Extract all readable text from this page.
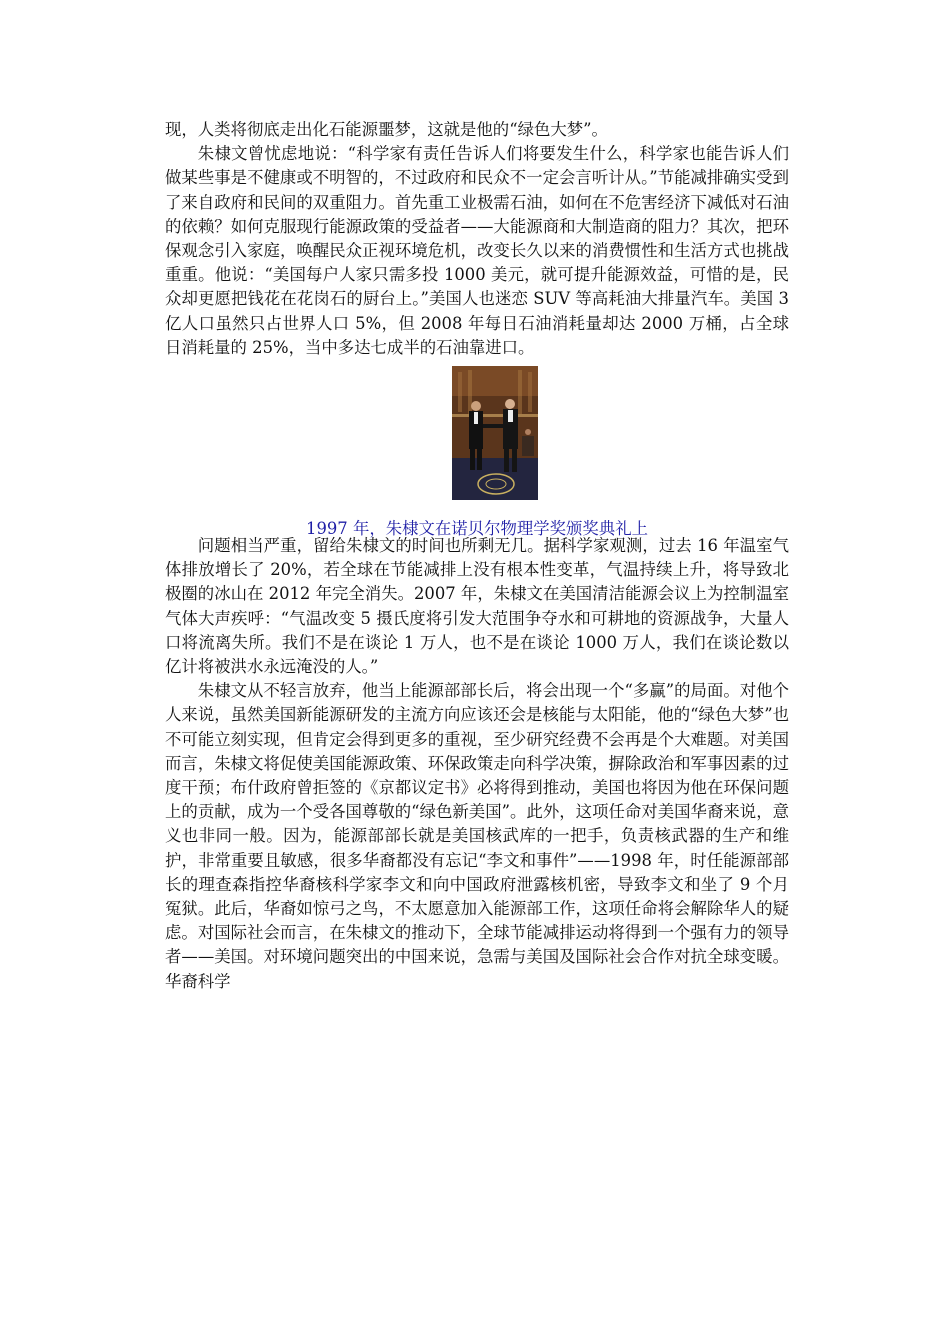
现，人类将彻底走出化石能源噩梦，这就是他的“绿色大梦”。

朱棣文曾忧虑地说：“科学家有责任告诉人们将要发生什么，科学家也能告诉人们做某些事是不健康或不明智的，不过政府和民众不一定会言听计从。”节能减排确实受到了来自政府和民间的双重阻力。首先重工业极需石油，如何在不危害经济下减低对石油的依赖？如何克服现行能源政策的受益者——大能源商和大制造商的阻力？其次，把环保观念引入家庭，唤醒民众正视环境危机，改变长久以来的消费惯性和生活方式也挑战重重。他说：“美国每户人家只需多投 1000 美元，就可提升能源效益，可惜的是，民众却更愿把钱花在花岗石的厨台上。”美国人也迷恋 SUV 等高耗油大排量汽车。美国 3 亿人口虽然只占世界人口 5%，但 2008 年每日石油消耗量却达 2000 万桶，占全球日消耗量的 25%，当中多达七成半的石油靠进口。

1997 年，朱棣文在诺贝尔物理学奖颁奖典礼上

问题相当严重，留给朱棣文的时间也所剩无几。据科学家观测，过去 16 年温室气体排放增长了 20%，若全球在节能减排上没有根本性变革，气温持续上升，将导致北极圈的冰山在 2012 年完全消失。2007 年，朱棣文在美国清洁能源会议上为控制温室气体大声疾呼：“气温改变 5 摄氏度将引发大范围争夺水和可耕地的资源战争，大量人口将流离失所。我们不是在谈论 1 万人，也不是在谈论 1000 万人，我们在谈论数以亿计将被洪水永远淹没的人。”

朱棣文从不轻言放弃，他当上能源部部长后，将会出现一个“多赢”的局面。对他个人来说，虽然美国新能源研发的主流方向应该还会是核能与太阳能，他的“绿色大梦”也不可能立刻实现，但肯定会得到更多的重视，至少研究经费不会再是个大难题。对美国而言，朱棣文将促使美国能源政策、环保政策走向科学决策，摒除政治和军事因素的过度干预；布什政府曾拒签的《京都议定书》必将得到推动，美国也将因为他在环保问题上的贡献，成为一个受各国尊敬的“绿色新美国”。此外，这项任命对美国华裔来说，意义也非同一般。因为，能源部部长就是美国核武库的一把手，负责核武器的生产和维护，非常重要且敏感，很多华裔都没有忘记“李文和事件”——1998 年，时任能源部部长的理查森指控华裔核科学家李文和向中国政府泄露核机密，导致李文和坐了 9 个月冤狱。此后，华裔如惊弓之鸟，不太愿意加入能源部工作，这项任命将会解除华人的疑虑。对国际社会而言，在朱棣文的推动下，全球节能减排运动将得到一个强有力的领导者——美国。对环境问题突出的中国来说，急需与美国及国际社会合作对抗全球变暖。华裔科学
